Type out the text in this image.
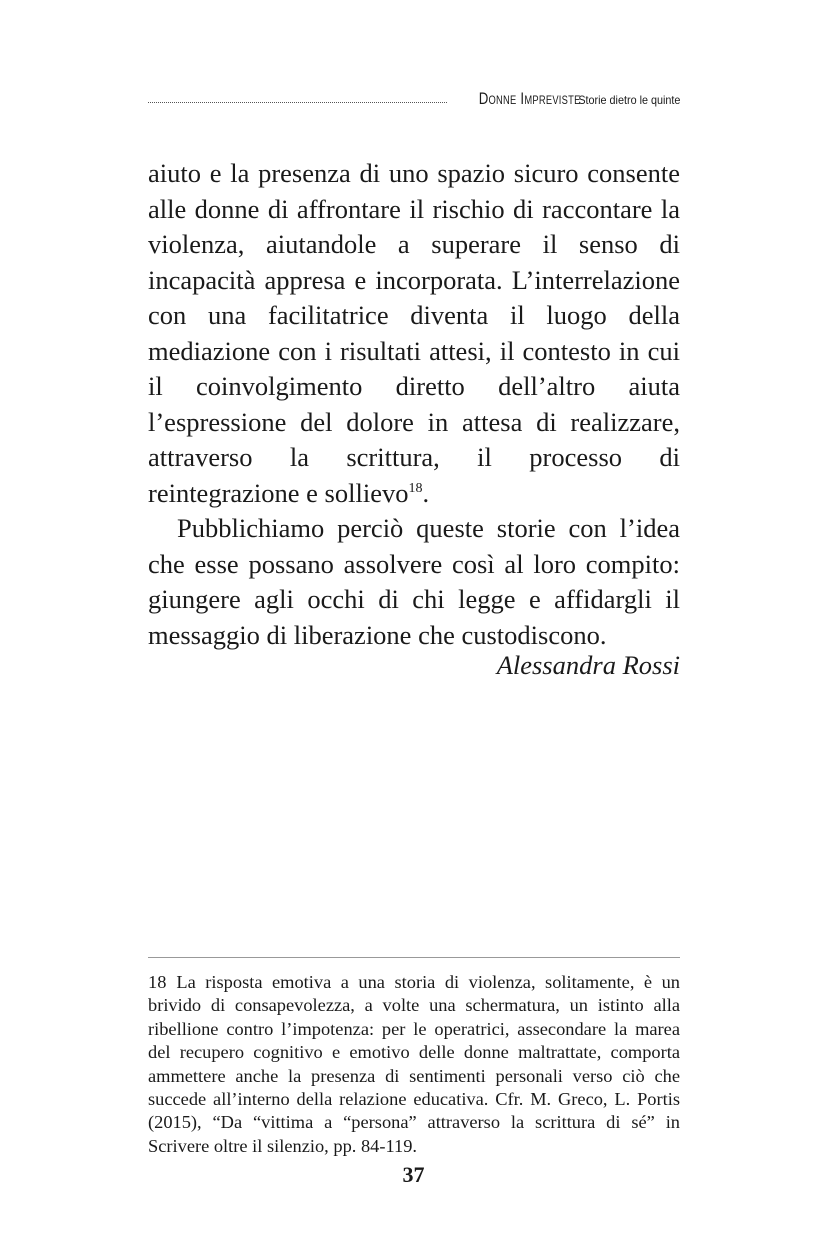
Donne Impreviste
Storie dietro le quinte

aiuto e la presenza di uno spazio sicuro consente alle donne di affrontare il rischio di raccontare la violenza, aiutandole a superare il senso di incapacità appresa e incorporata. L’interrelazione con una facilitatrice diventa il luogo della mediazione con i risultati attesi, il contesto in cui il coinvolgimento diretto dell’altro aiuta l’espressione del dolore in attesa di realizzare, attraverso la scrittura, il processo di reintegrazione e sollievo$^{18}$.

Pubblichiamo perciò queste storie con l’idea che esse possano assolvere così al loro compito: giungere agli occhi di chi legge e affidargli il messaggio di liberazione che custodiscono.

Alessandra Rossi
18 La risposta emotiva a una storia di violenza, solitamente, è un brivido di consapevolezza, a volte una schermatura, un istinto alla ribellione contro l’impotenza: per le operatrici, assecondare la marea del recupero cognitivo e emotivo delle donne maltrattate, comporta ammettere anche la presenza di sentimenti personali verso ciò che succede all’interno della relazione educativa. Cfr. M. Greco, L. Portis (2015), “Da “vittima a “persona” attraverso la scrittura di sé” in Scrivere oltre il silenzio, pp. 84-119.
37
